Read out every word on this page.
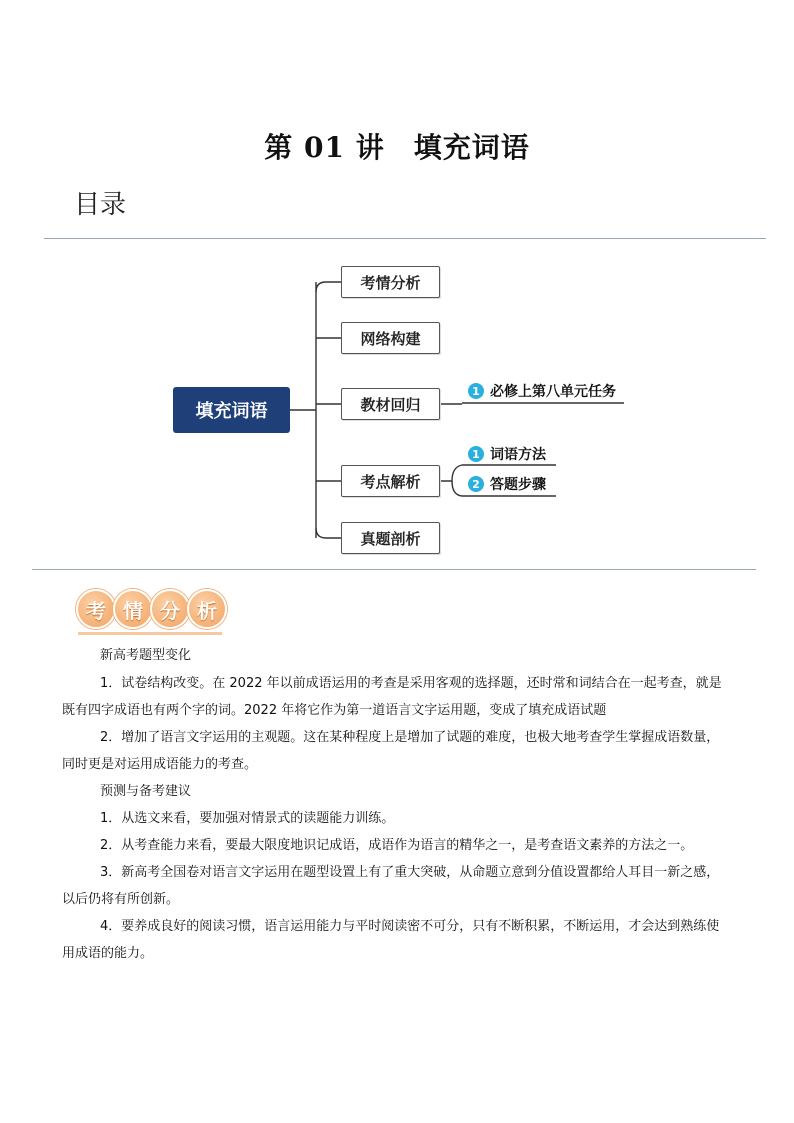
第 01 讲　填充词语
目录
填充词语
考情分析
网络构建
教材回归
考点解析
真题剖析
1 必修上第八单元任务
1 词语方法
2 答题步骤
考 情 分 析
新高考题型变化
1．试卷结构改变。在 2022 年以前成语运用的考查是采用客观的选择题，还时常和词结合在一起考查，就是既有四字成语也有两个字的词。2022 年将它作为第一道语言文字运用题，变成了填充成语试题
2．增加了语言文字运用的主观题。这在某种程度上是增加了试题的难度，也极大地考查学生掌握成语数量，同时更是对运用成语能力的考查。
预测与备考建议
1．从选文来看，要加强对情景式的读题能力训练。
2．从考查能力来看，要最大限度地识记成语，成语作为语言的精华之一，是考查语文素养的方法之一。
3．新高考全国卷对语言文字运用在题型设置上有了重大突破，从命题立意到分值设置都给人耳目一新之感，以后仍将有所创新。
4．要养成良好的阅读习惯，语言运用能力与平时阅读密不可分，只有不断积累，不断运用，才会达到熟练使用成语的能力。
